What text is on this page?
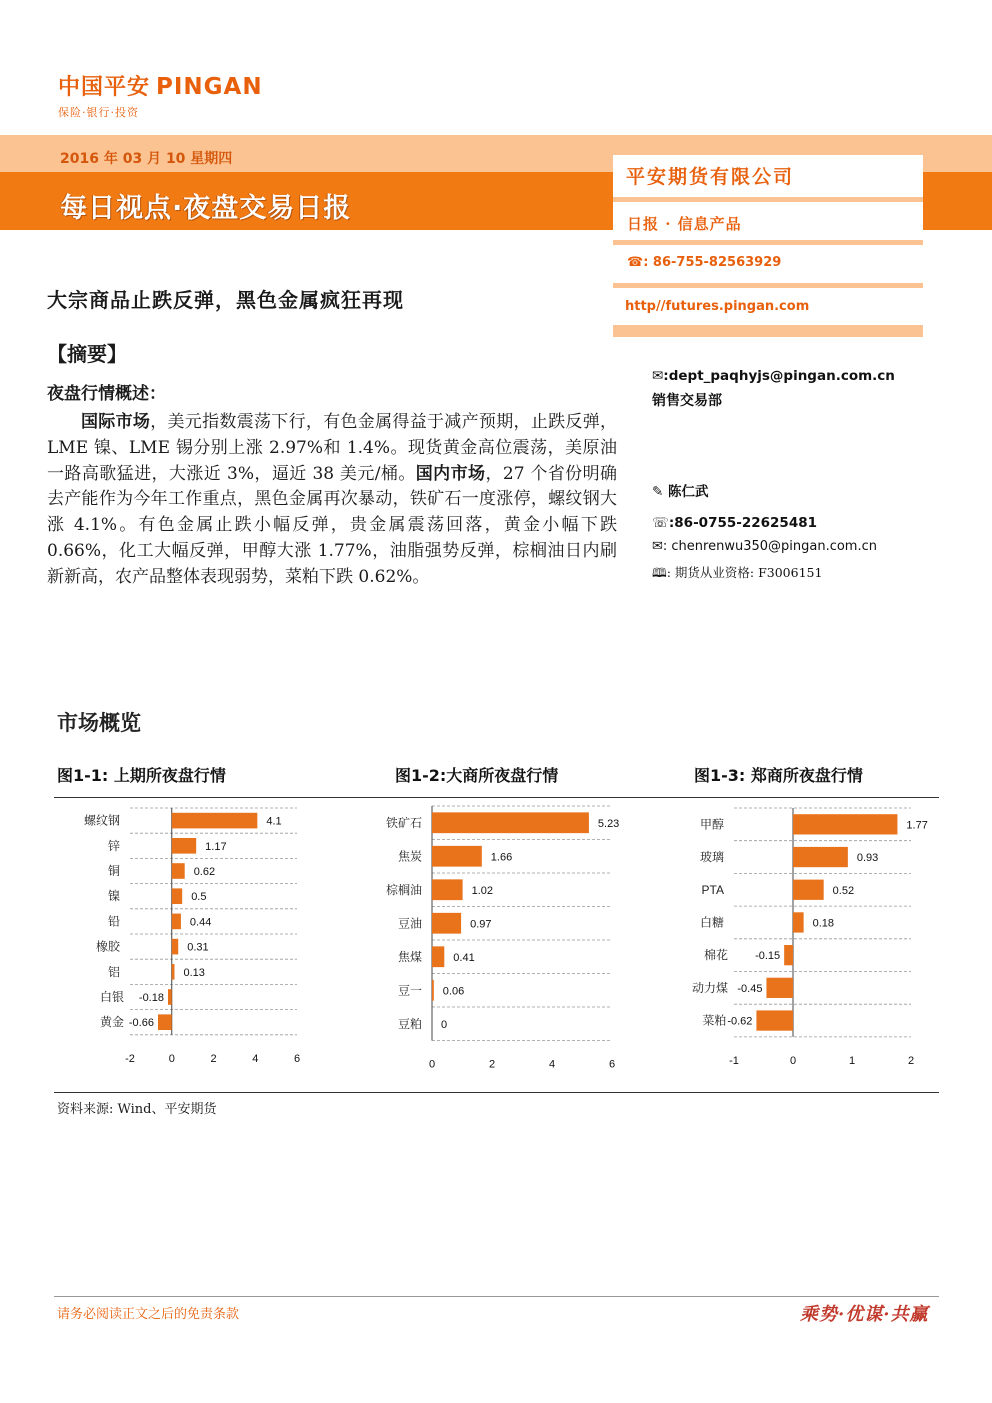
中国平安 PINGAN
保险·银行·投资
2016 年 03 月 10 星期四
每日视点·夜盘交易日报
平安期货有限公司
日报 · 信息产品
☎: 86-755-82563929
http//futures.pingan.com
✉:dept_paqhyjs@pingan.com.cn
销售交易部
✎ 陈仁武
☏:86-0755-22625481
✉: chenrenwu350@pingan.com.cn
🕮: 期货从业资格: F3006151
大宗商品止跌反弹，黑色金属疯狂再现
【摘要】
夜盘行情概述：

国际市场，美元指数震荡下行，有色金属得益于减产预期，止跌反弹，LME 镍、LME 锡分别上涨 2.97%和 1.4%。现货黄金高位震荡，美原油一路高歌猛进，大涨近 3%，逼近 38 美元/桶。国内市场，27 个省份明确去产能作为今年工作重点，黑色金属再次暴动，铁矿石一度涨停，螺纹钢大涨 4.1%。有色金属止跌小幅反弹，贵金属震荡回落，黄金小幅下跌 0.66%，化工大幅反弹，甲醇大涨 1.77%，油脂强势反弹，棕榈油日内刷新新高，农产品整体表现弱势，菜粕下跌 0.62%。

市场概览
图1-1: 上期所夜盘行情	图1-2:大商所夜盘行情	图1-3: 郑商所夜盘行情
螺纹钢	4.1
锌	1.17
铜	0.62
镍	0.5
铅	0.44
橡胶	0.31
铝	0.13
白银 -0.18
黄金 -0.66
-2	0	2	4	6
铁矿石	5.23
焦炭	1.66
棕榈油	1.02
豆油	0.97
焦煤	0.41
豆一 0.06
豆粕 0
0	2	4	6
甲醇	1.77
玻璃	0.93
PTA	0.52
白糖	0.18
棉花 -0.15
动力煤 -0.45
菜粕 -0.62
-1	0	1	2
资料来源: Wind、平安期货
请务必阅读正文之后的免责条款	乘势·优谋·共赢
